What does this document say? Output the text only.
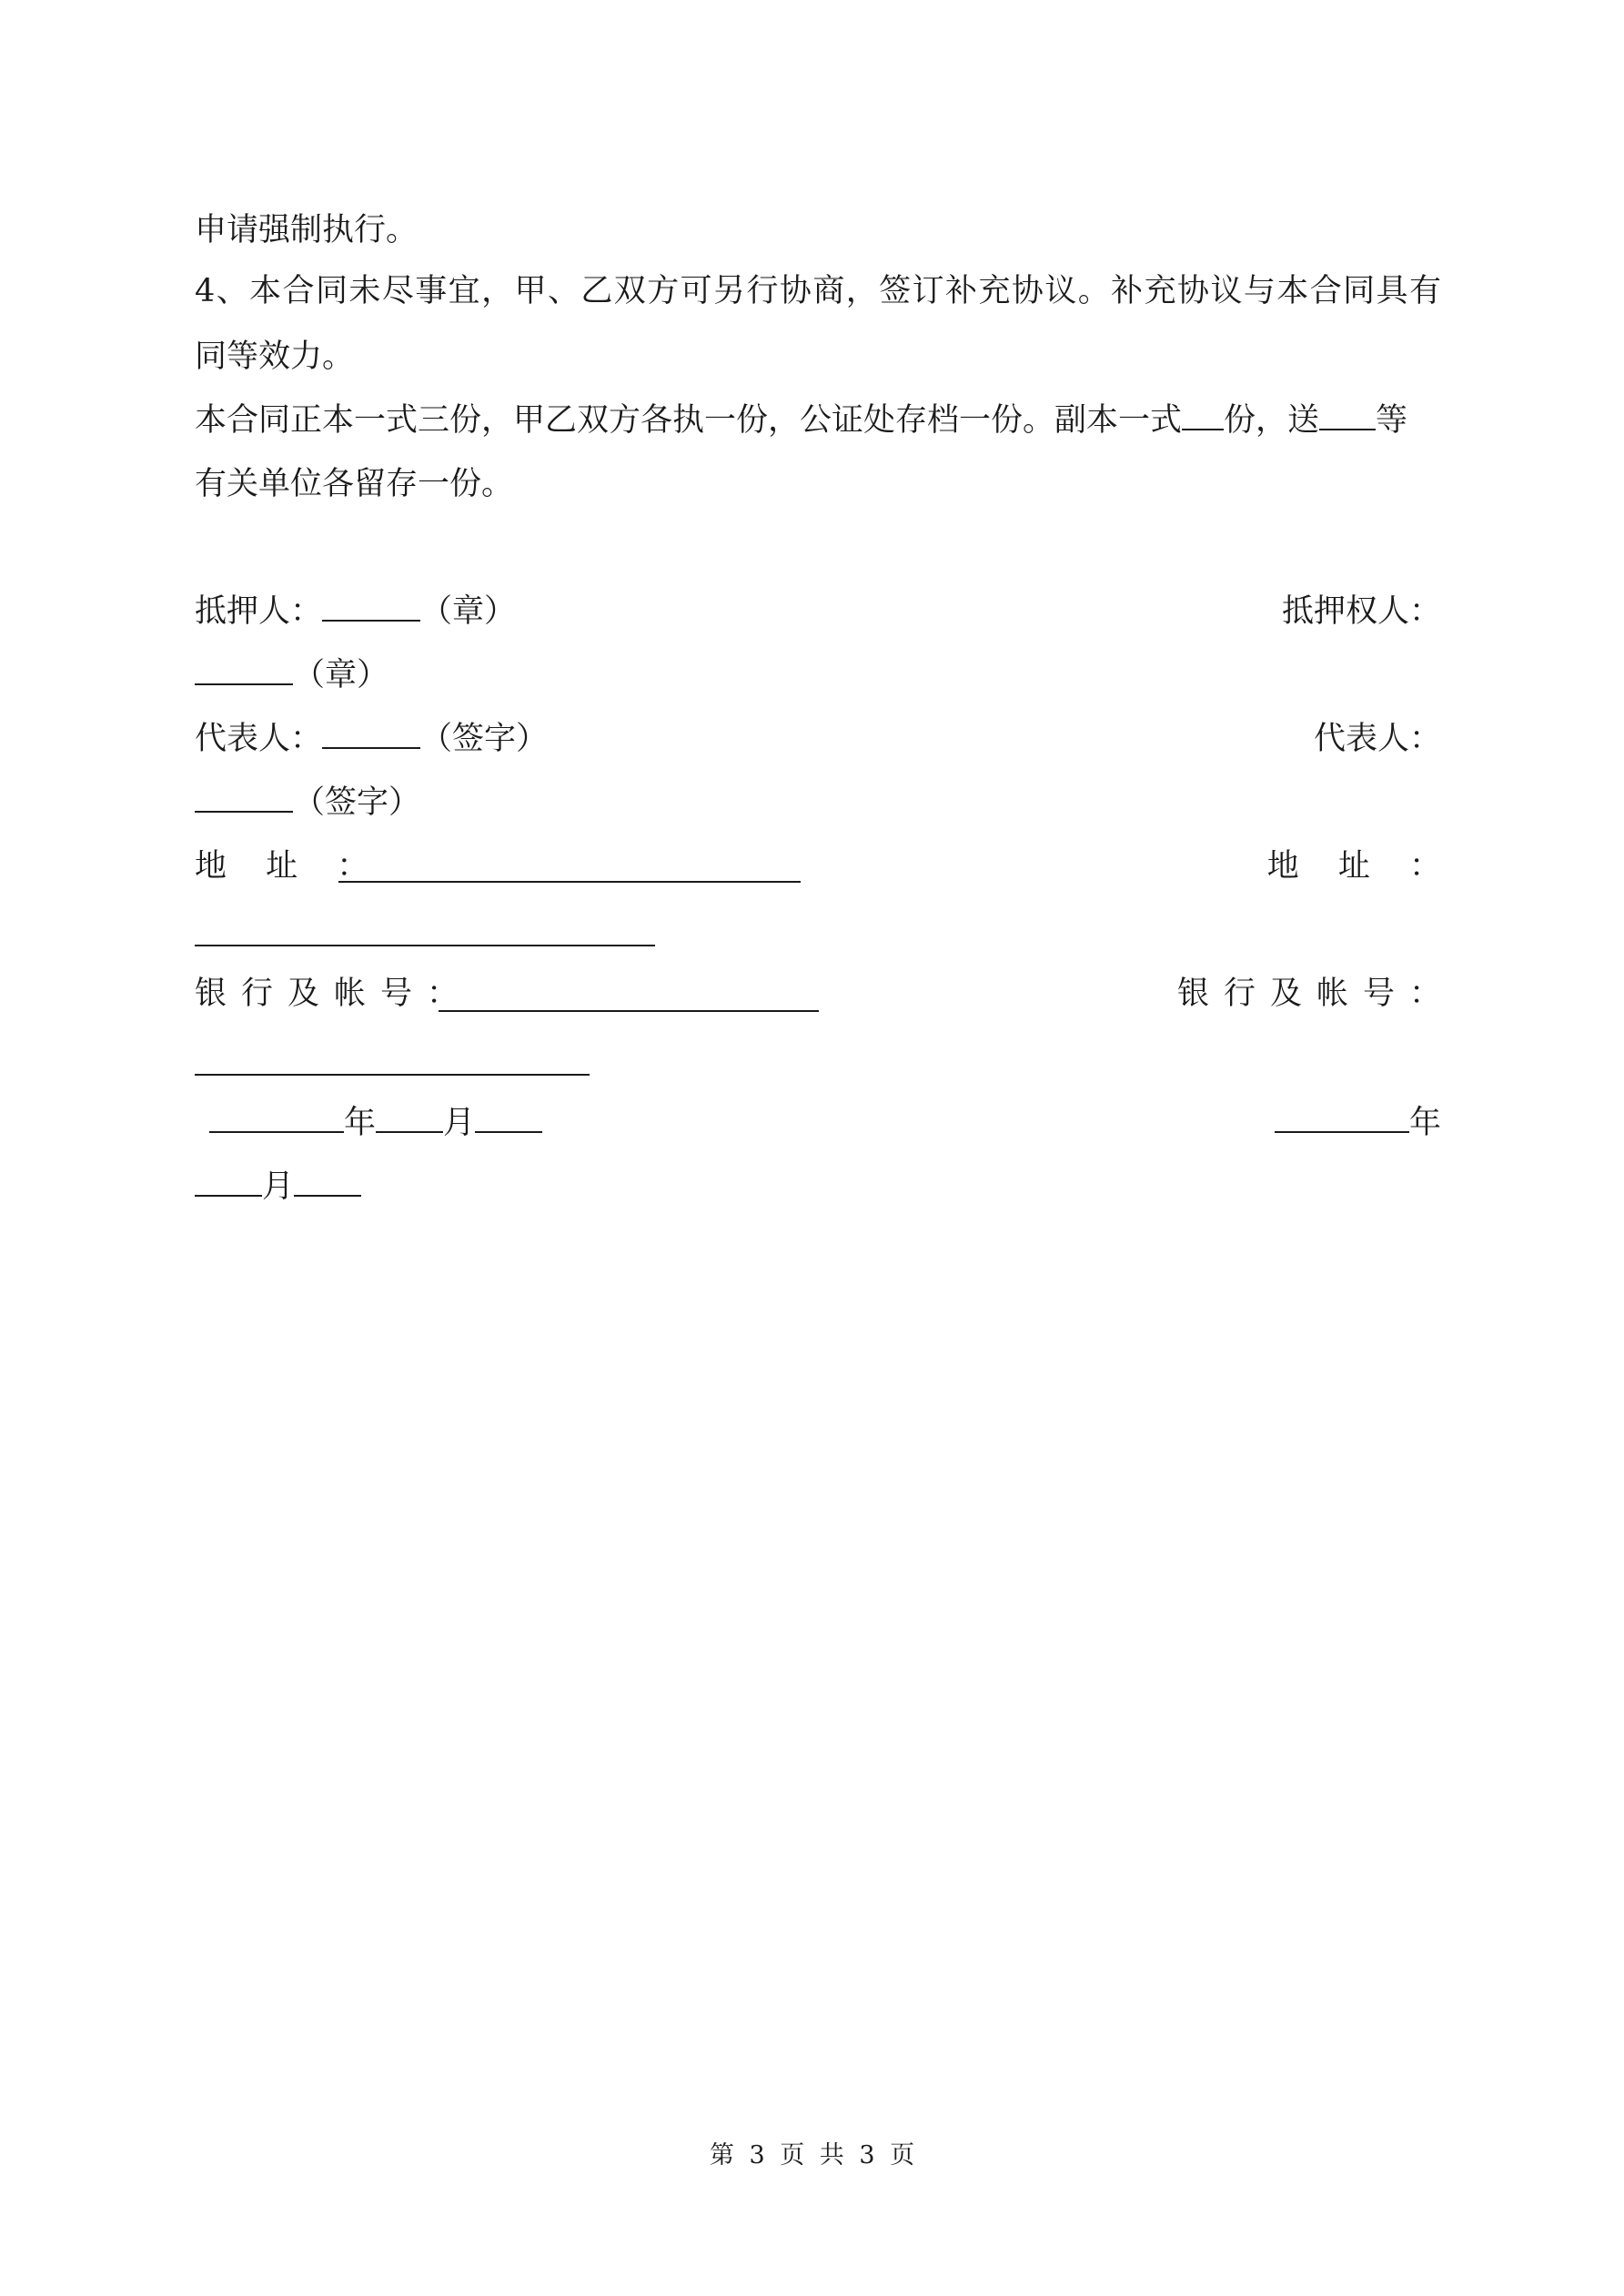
申请强制执行。
4、本合同未尽事宜，甲、乙双方可另行协商，签订补充协议。补充协议与本合同具有
同等效力。
本合同正本一式三份，甲乙双方各执一份，公证处存档一份。副本一式 份，送 等
有关单位各留存一份。
抵押人：	（章）	抵押权人：
（章）
代表人：	（签字）	代表人：
（签字）
地 址 ：	地 址 ：
银行及帐号：	银行及帐号：
年 月	年
月
第 3 页 共 3 页
